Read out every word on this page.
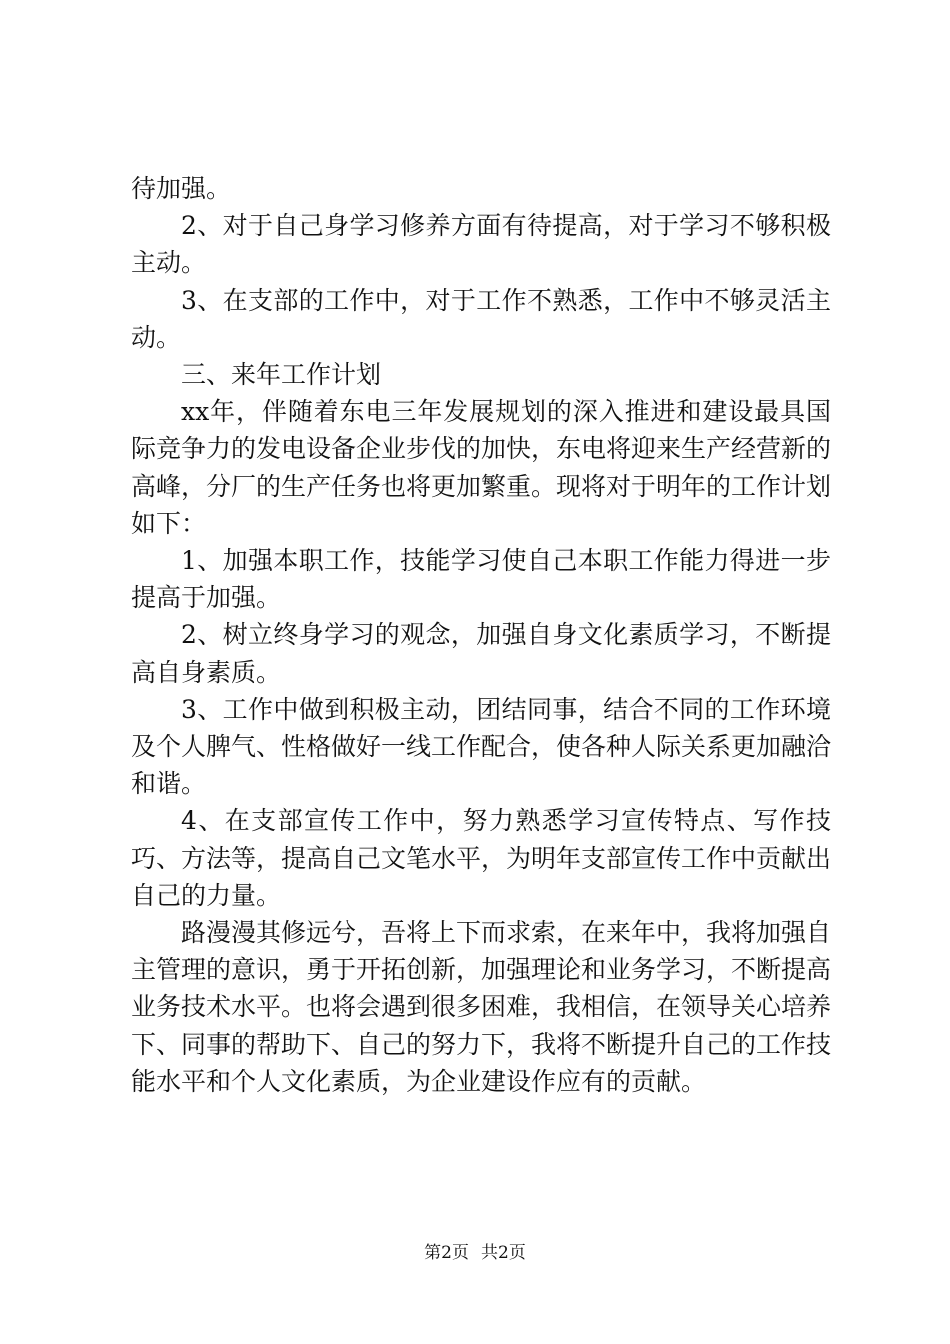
待加强。

2、对于自己身学习修养方面有待提高，对于学习不够积极主动。

3、在支部的工作中，对于工作不熟悉，工作中不够灵活主动。

三、来年工作计划

xx年，伴随着东电三年发展规划的深入推进和建设最具国际竞争力的发电设备企业步伐的加快，东电将迎来生产经营新的高峰，分厂的生产任务也将更加繁重。现将对于明年的工作计划如下：

1、加强本职工作，技能学习使自己本职工作能力得进一步提高于加强。

2、树立终身学习的观念，加强自身文化素质学习，不断提高自身素质。

3、工作中做到积极主动，团结同事，结合不同的工作环境及个人脾气、性格做好一线工作配合，使各种人际关系更加融洽和谐。

4、在支部宣传工作中，努力熟悉学习宣传特点、写作技巧、方法等，提高自己文笔水平，为明年支部宣传工作中贡献出自己的力量。

路漫漫其修远兮，吾将上下而求索，在来年中，我将加强自主管理的意识，勇于开拓创新，加强理论和业务学习，不断提高业务技术水平。也将会遇到很多困难，我相信，在领导关心培养下、同事的帮助下、自己的努力下，我将不断提升自己的工作技能水平和个人文化素质，为企业建设作应有的贡献。

第2页 共2页
